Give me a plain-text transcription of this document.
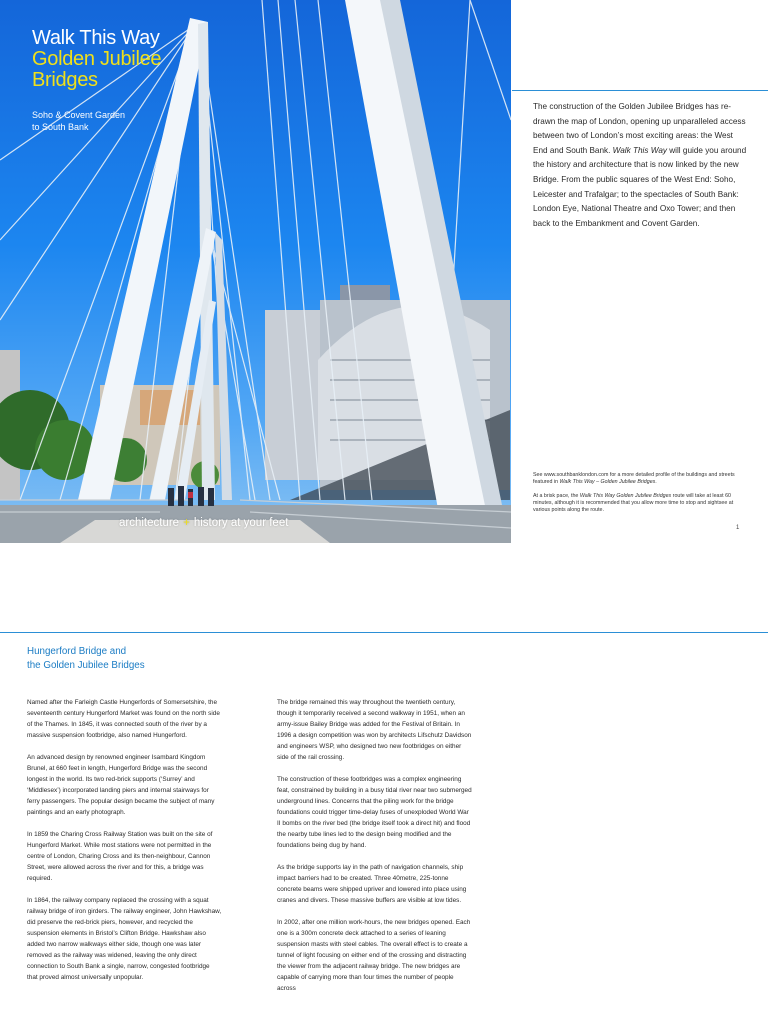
Walk This Way
Golden Jubilee
Bridges

Soho & Covent Garden
to South Bank

architecture + history at your feet

The construction of the Golden Jubilee Bridges has re-drawn the map of London, opening up unparalleled access between two of London’s most exciting areas: the West End and South Bank. Walk This Way will guide you around the history and architecture that is now linked by the new Bridge. From the public squares of the West End: Soho, Leicester and Trafalgar; to the spectacles of South Bank: London Eye, National Theatre and Oxo Tower; and then back to the Embankment and Covent Garden.

See www.southbanklondon.com for a more detailed profile of the buildings and streets featured in Walk This Way – Golden Jubilee Bridges.

At a brisk pace, the Walk This Way Golden Jubilee Bridges route will take at least 60 minutes, although it is recommended that you allow more time to stop and sightsee at various points along the route.

1
Hungerford Bridge and
the Golden Jubilee Bridges

Named after the Farleigh Castle Hungerfords of Somersetshire, the seventeenth century Hungerford Market was found on the north side of the Thames. In 1845, it was connected south of the river by a massive suspension footbridge, also named Hungerford.

An advanced design by renowned engineer Isambard Kingdom Brunel, at 660 feet in length, Hungerford Bridge was the second longest in the world. Its two red-brick supports (‘Surrey’ and ‘Middlesex’) incorporated landing piers and internal stairways for ferry passengers. The popular design became the subject of many paintings and an early photograph.

In 1859 the Charing Cross Railway Station was built on the site of Hungerford Market. While most stations were not permitted in the centre of London, Charing Cross and its then-neighbour, Cannon Street, were allowed across the river and for this, a bridge was required.

In 1864, the railway company replaced the crossing with a squat railway bridge of iron girders. The railway engineer, John Hawkshaw, did preserve the red-brick piers, however, and recycled the suspension elements in Bristol’s Clifton Bridge. Hawkshaw also added two narrow walkways either side, though one was later removed as the railway was widened, leaving the only direct connection to South Bank a single, narrow, congested footbridge that proved almost universally unpopular.

The bridge remained this way throughout the twentieth century, though it temporarily received a second walkway in 1951, when an army-issue Bailey Bridge was added for the Festival of Britain. In 1996 a design competition was won by architects Lifschutz Davidson and engineers WSP, who designed two new footbridges on either side of the rail crossing.

The construction of these footbridges was a complex engineering feat, constrained by building in a busy tidal river near two submerged underground lines. Concerns that the piling work for the bridge foundations could trigger time-delay fuses of unexploded World War II bombs on the river bed (the bridge itself took a direct hit) and flood the nearby tube lines led to the design being modified and the foundations being dug by hand.

As the bridge supports lay in the path of navigation channels, ship impact barriers had to be created. Three 40metre, 225-tonne concrete beams were shipped upriver and lowered into place using cranes and divers. These massive buffers are visible at low tides.

In 2002, after one million work-hours, the new bridges opened. Each one is a 300m concrete deck attached to a series of leaning suspension masts with steel cables. The overall effect is to create a tunnel of light focusing on either end of the crossing and distracting the viewer from the adjacent railway bridge. The new bridges are capable of carrying more than four times the number of people across
